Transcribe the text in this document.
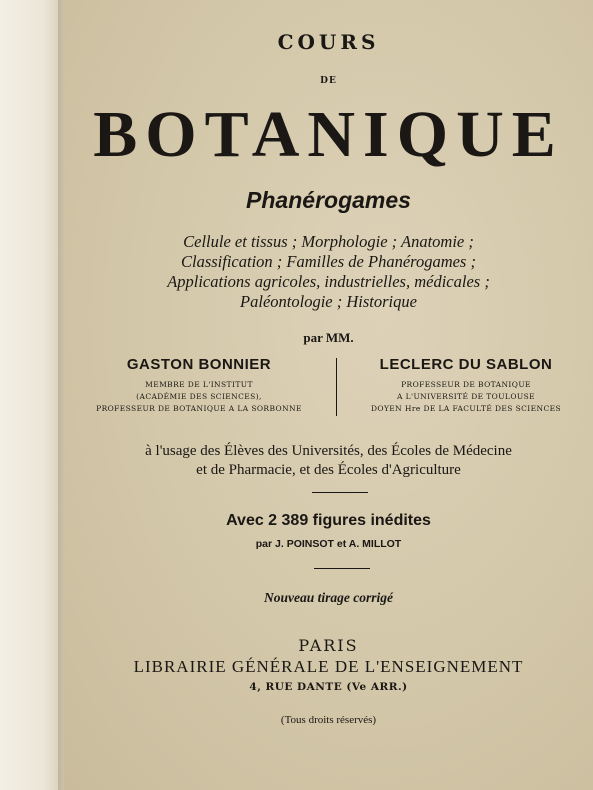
COURS
DE
BOTANIQUE
Phanérogames
Cellule et tissus ; Morphologie ; Anatomie ;
Classification ; Familles de Phanérogames ;
Applications agricoles, industrielles, médicales ;
Paléontologie ; Historique
par MM.
GASTON BONNIER
MEMBRE DE L'INSTITUT
(ACADÉMIE DES SCIENCES),
PROFESSEUR DE BOTANIQUE A LA SORBONNE
LECLERC DU SABLON
PROFESSEUR DE BOTANIQUE
A L'UNIVERSITÉ DE TOULOUSE
DOYEN Hre DE LA FACULTÉ DES SCIENCES
à l'usage des Élèves des Universités, des Écoles de Médecine
et de Pharmacie, et des Écoles d'Agriculture
Avec 2 389 figures inédites
par J. POINSOT et A. MILLOT
Nouveau tirage corrigé
PARIS
LIBRAIRIE GÉNÉRALE DE L'ENSEIGNEMENT
4, RUE DANTE (Ve ARR.)
(Tous droits réservés)
